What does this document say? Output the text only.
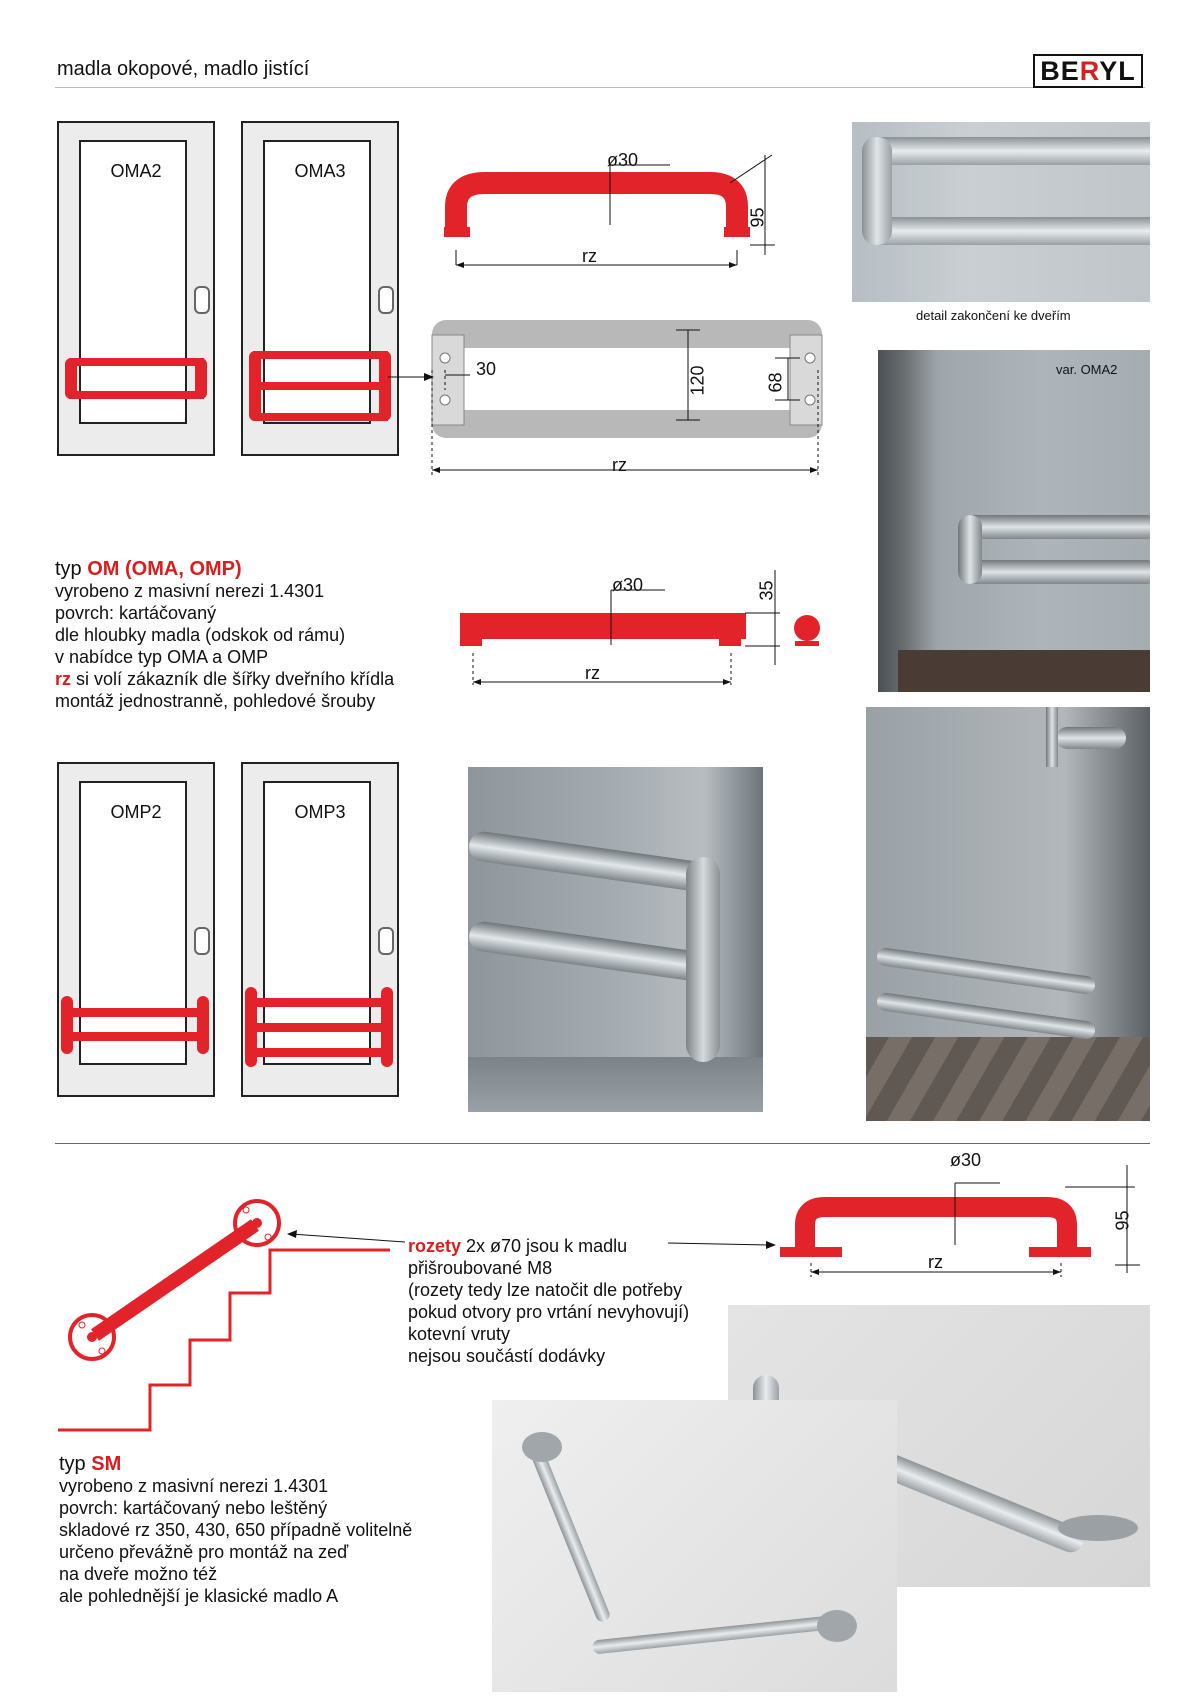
madla okopové, madlo jistící	BERYL
OMA2	OMA3
ø30
95
rz
30	120	68
rz
detail zakončení ke dveřím
var. OMA2
typ OM (OMA, OMP)
vyrobeno z masivní nerezi 1.4301
povrch: kartáčovaný
dle hloubky madla (odskok od rámu)
v nabídce typ OMA a OMP
rz si volí zákazník dle šířky dveřního křídla
montáž jednostranně, pohledové šrouby
ø30	35
rz
OMP2	OMP3
rozety 2x ø70 jsou k madlu
přišroubované M8
(rozety tedy lze natočit dle potřeby
pokud otvory pro vrtání nevyhovují)
kotevní vruty
nejsou součástí dodávky
ø30
95
rz
typ SM
vyrobeno z masivní nerezi 1.4301
povrch: kartáčovaný nebo leštěný
skladové rz 350, 430, 650 případně volitelně
určeno převážně pro montáž na zeď
na dveře možno též
ale pohlednější je klasické madlo A
